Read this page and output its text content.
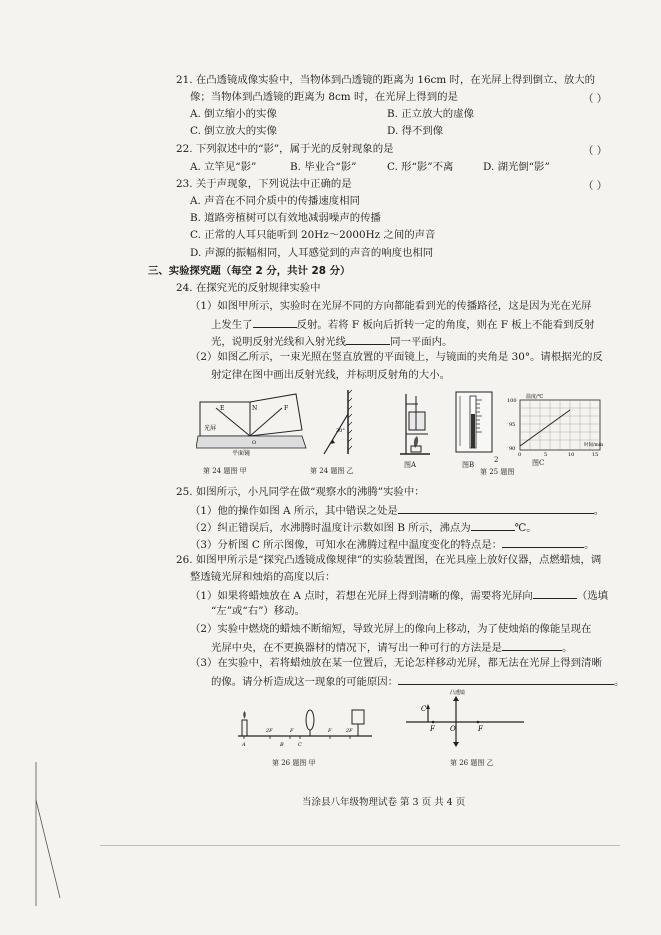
21. 在凸透镜成像实验中，当物体到凸透镜的距离为 16cm 时，在光屏上得到倒立、放大的
像；当物体到凸透镜的距离为 8cm 时，在光屏上得到的是	（ ）
A. 倒立缩小的实像	B. 正立放大的虚像
C. 倒立放大的实像	D. 得不到像
22. 下列叙述中的“影”，属于光的反射现象的是	（ ）
A. 立竿见“影”	B. 毕业合“影”	C. 形“影”不离	D. 湖光倒“影”
23. 关于声现象，下列说法中正确的是	（ ）
A. 声音在不同介质中的传播速度相同
B. 道路旁植树可以有效地减弱噪声的传播
C. 正常的人耳只能听到 20Hz～2000Hz 之间的声音
D. 声源的振幅相同，人耳感觉到的声音的响度也相同
三、实验探究题（每空 2 分，共计 28 分）
24. 在探究光的反射规律实验中
（1）如图甲所示，实验时在光屏不同的方向都能看到光的传播路径，这是因为光在光屏
上发生了	反射。若将 F 板向后折转一定的角度，则在 F 板上不能看到反射
光，说明反射光线和入射光线	同一平面内。
（2）如图乙所示，一束光照在竖直放置的平面镜上，与镜面的夹角是 30°。请根据光的反
射定律在图中画出反射光线，并标明反射角的大小。
E	N	F
光屏
O
平面镜
30°
温度/℃
100
95
90
0	5	10	15
时间/min
第 24 题图 甲	第 24 题图 乙
图A	图B
2
第 25 题图
图C
25. 如图所示，小凡同学在做“观察水的沸腾”实验中：
（1）他的操作如图 A 所示，其中错误之处是	。
（2）纠正错误后，水沸腾时温度计示数如图 B 所示，沸点为	℃。
（3）分析图 C 所示图像，可知水在沸腾过程中温度变化的特点是：	。
26. 如图甲所示是“探究凸透镜成像规律”的实验装置图，在光具座上放好仪器，点燃蜡烛，调
整透镜光屏和烛焰的高度以后：
（1）如果将蜡烛放在 A 点时，若想在光屏上得到清晰的像，需要将光屏向	（选填
“左”或“右”）移动。
（2）实验中燃烧的蜡烛不断缩短，导致光屏上的像向上移动，为了使烛焰的像能呈现在
光屏中央，在不更换器材的情况下，请写出一种可行的方法是是	。
（3）在实验中，若将蜡烛放在某一位置后，无论怎样移动光屏，都无法在光屏上得到清晰
的像。请分析造成这一现象的可能原因：	。
A
2F
B
F
C
F	2F
凸透镜
C
F O	F
第 26 题图 甲	第 26 题图 乙
当涂县八年级物理试卷 第 3 页 共 4 页
